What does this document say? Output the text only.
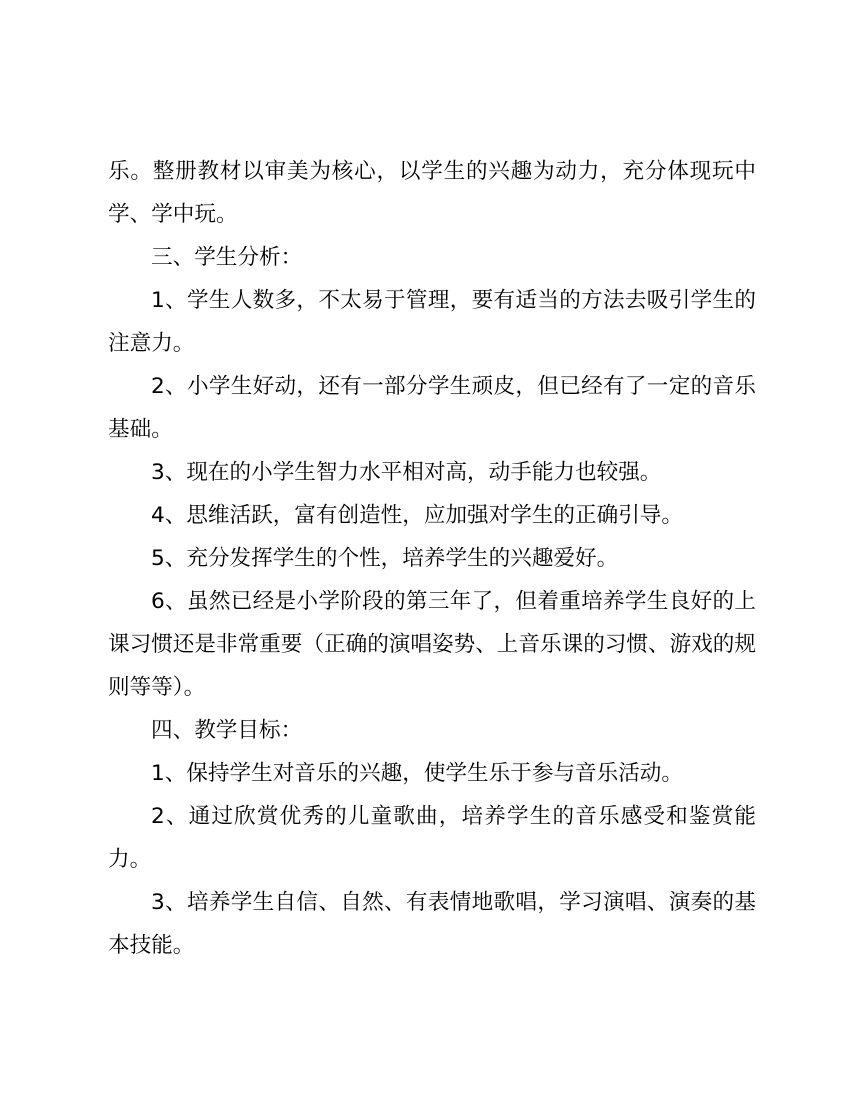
乐。整册教材以审美为核心，以学生的兴趣为动力，充分体现玩中学、学中玩。

三、学生分析：

1、学生人数多，不太易于管理，要有适当的方法去吸引学生的注意力。

2、小学生好动，还有一部分学生顽皮，但已经有了一定的音乐基础。

3、现在的小学生智力水平相对高，动手能力也较强。

4、思维活跃，富有创造性，应加强对学生的正确引导。

5、充分发挥学生的个性，培养学生的兴趣爱好。

6、虽然已经是小学阶段的第三年了，但着重培养学生良好的上课习惯还是非常重要（正确的演唱姿势、上音乐课的习惯、游戏的规则等等）。

四、教学目标：

1、保持学生对音乐的兴趣，使学生乐于参与音乐活动。

2、通过欣赏优秀的儿童歌曲，培养学生的音乐感受和鉴赏能力。

3、培养学生自信、自然、有表情地歌唱，学习演唱、演奏的基本技能。
